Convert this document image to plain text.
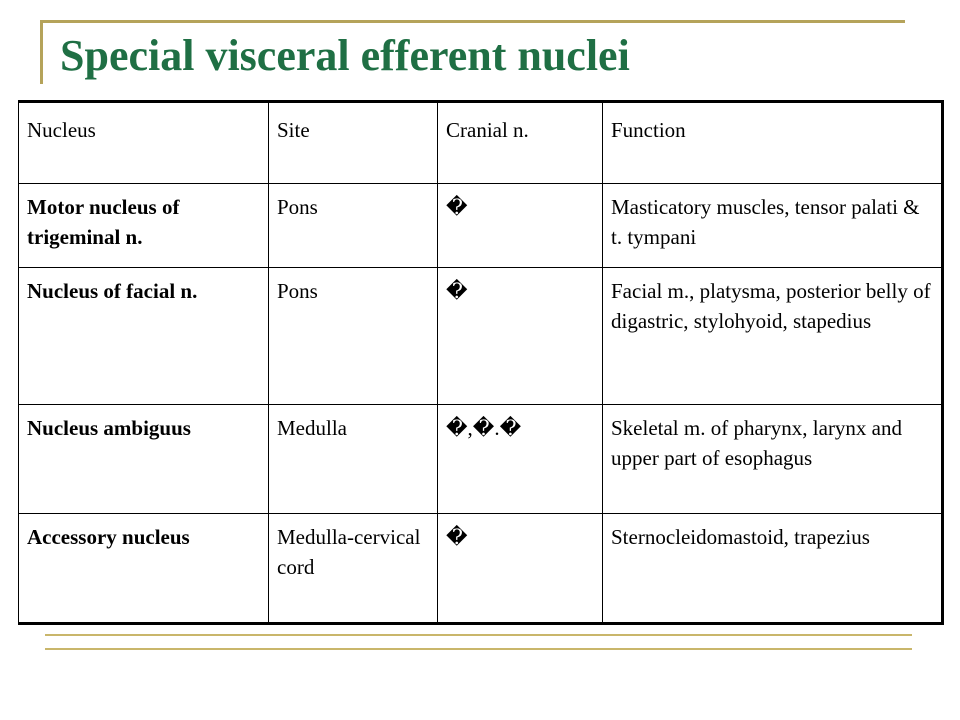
Special visceral efferent nuclei
Nucleus	Site	Cranial n.	Function
Motor nucleus of trigeminal n.	Pons	�	Masticatory muscles, tensor palati & t. tympani
Nucleus of facial n.	Pons	�	Facial m., platysma, posterior belly of digastric, stylohyoid, stapedius
Nucleus ambiguus	Medulla	�,�.�	Skeletal m. of pharynx, larynx and upper part of esophagus
Accessory nucleus	Medulla-cervical cord	�	Sternocleidomastoid, trapezius
